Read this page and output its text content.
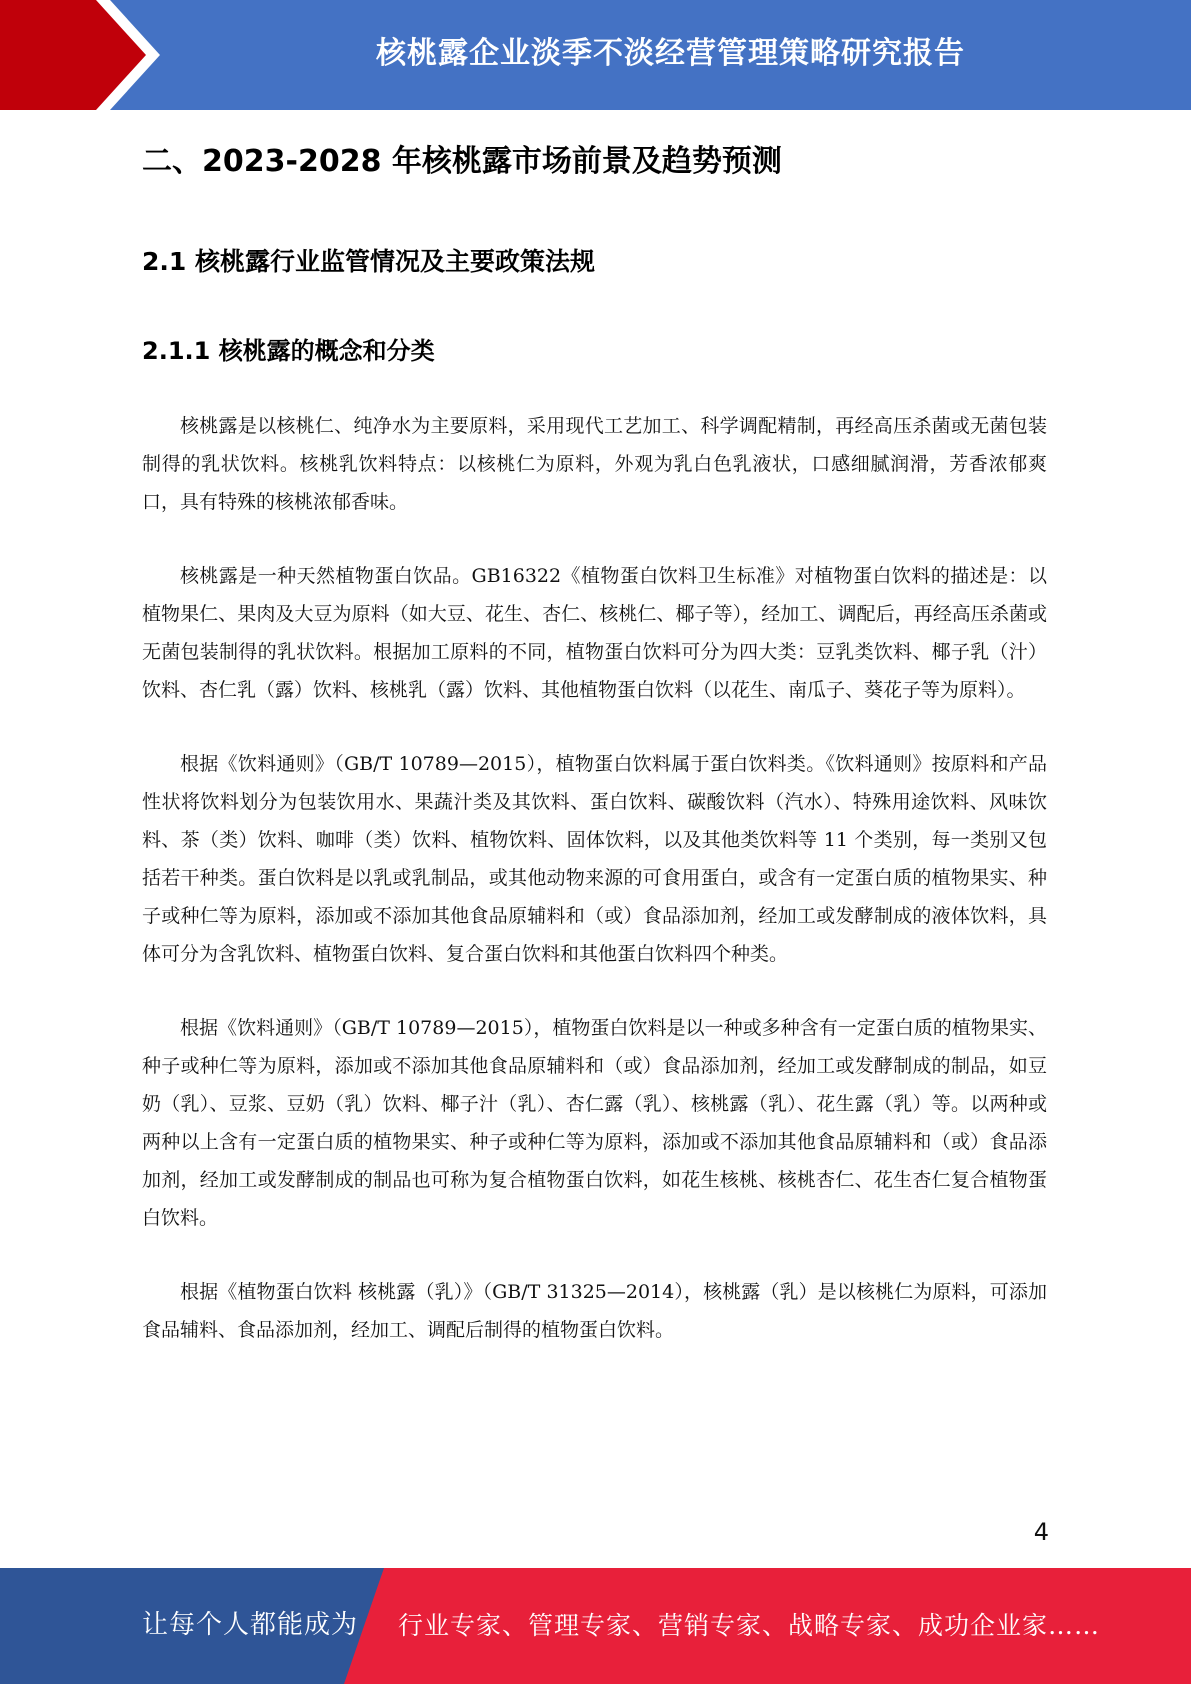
核桃露企业淡季不淡经营管理策略研究报告
二、2023-2028 年核桃露市场前景及趋势预测
2.1 核桃露行业监管情况及主要政策法规
2.1.1 核桃露的概念和分类

核桃露是以核桃仁、纯净水为主要原料，采用现代工艺加工、科学调配精制，再经高压杀菌或无菌包装制得的乳状饮料。核桃乳饮料特点：以核桃仁为原料，外观为乳白色乳液状，口感细腻润滑，芳香浓郁爽口，具有特殊的核桃浓郁香味。

核桃露是一种天然植物蛋白饮品。GB16322《植物蛋白饮料卫生标准》对植物蛋白饮料的描述是：以植物果仁、果肉及大豆为原料（如大豆、花生、杏仁、核桃仁、椰子等），经加工、调配后，再经高压杀菌或无菌包装制得的乳状饮料。根据加工原料的不同，植物蛋白饮料可分为四大类：豆乳类饮料、椰子乳（汁）饮料、杏仁乳（露）饮料、核桃乳（露）饮料、其他植物蛋白饮料（以花生、南瓜子、葵花子等为原料）。

根据《饮料通则》（GB/T 10789—2015），植物蛋白饮料属于蛋白饮料类。《饮料通则》按原料和产品性状将饮料划分为包装饮用水、果蔬汁类及其饮料、蛋白饮料、碳酸饮料（汽水）、特殊用途饮料、风味饮料、茶（类）饮料、咖啡（类）饮料、植物饮料、固体饮料，以及其他类饮料等 11 个类别，每一类别又包括若干种类。蛋白饮料是以乳或乳制品，或其他动物来源的可食用蛋白，或含有一定蛋白质的植物果实、种子或种仁等为原料，添加或不添加其他食品原辅料和（或）食品添加剂，经加工或发酵制成的液体饮料，具体可分为含乳饮料、植物蛋白饮料、复合蛋白饮料和其他蛋白饮料四个种类。

根据《饮料通则》（GB/T 10789—2015），植物蛋白饮料是以一种或多种含有一定蛋白质的植物果实、种子或种仁等为原料，添加或不添加其他食品原辅料和（或）食品添加剂，经加工或发酵制成的制品，如豆奶（乳）、豆浆、豆奶（乳）饮料、椰子汁（乳）、杏仁露（乳）、核桃露（乳）、花生露（乳）等。以两种或两种以上含有一定蛋白质的植物果实、种子或种仁等为原料，添加或不添加其他食品原辅料和（或）食品添加剂，经加工或发酵制成的制品也可称为复合植物蛋白饮料，如花生核桃、核桃杏仁、花生杏仁复合植物蛋白饮料。

根据《植物蛋白饮料 核桃露（乳）》（GB/T 31325—2014），核桃露（乳）是以核桃仁为原料，可添加食品辅料、食品添加剂，经加工、调配后制得的植物蛋白饮料。

4
让每个人都能成为 行业专家、管理专家、营销专家、战略专家、成功企业家……
